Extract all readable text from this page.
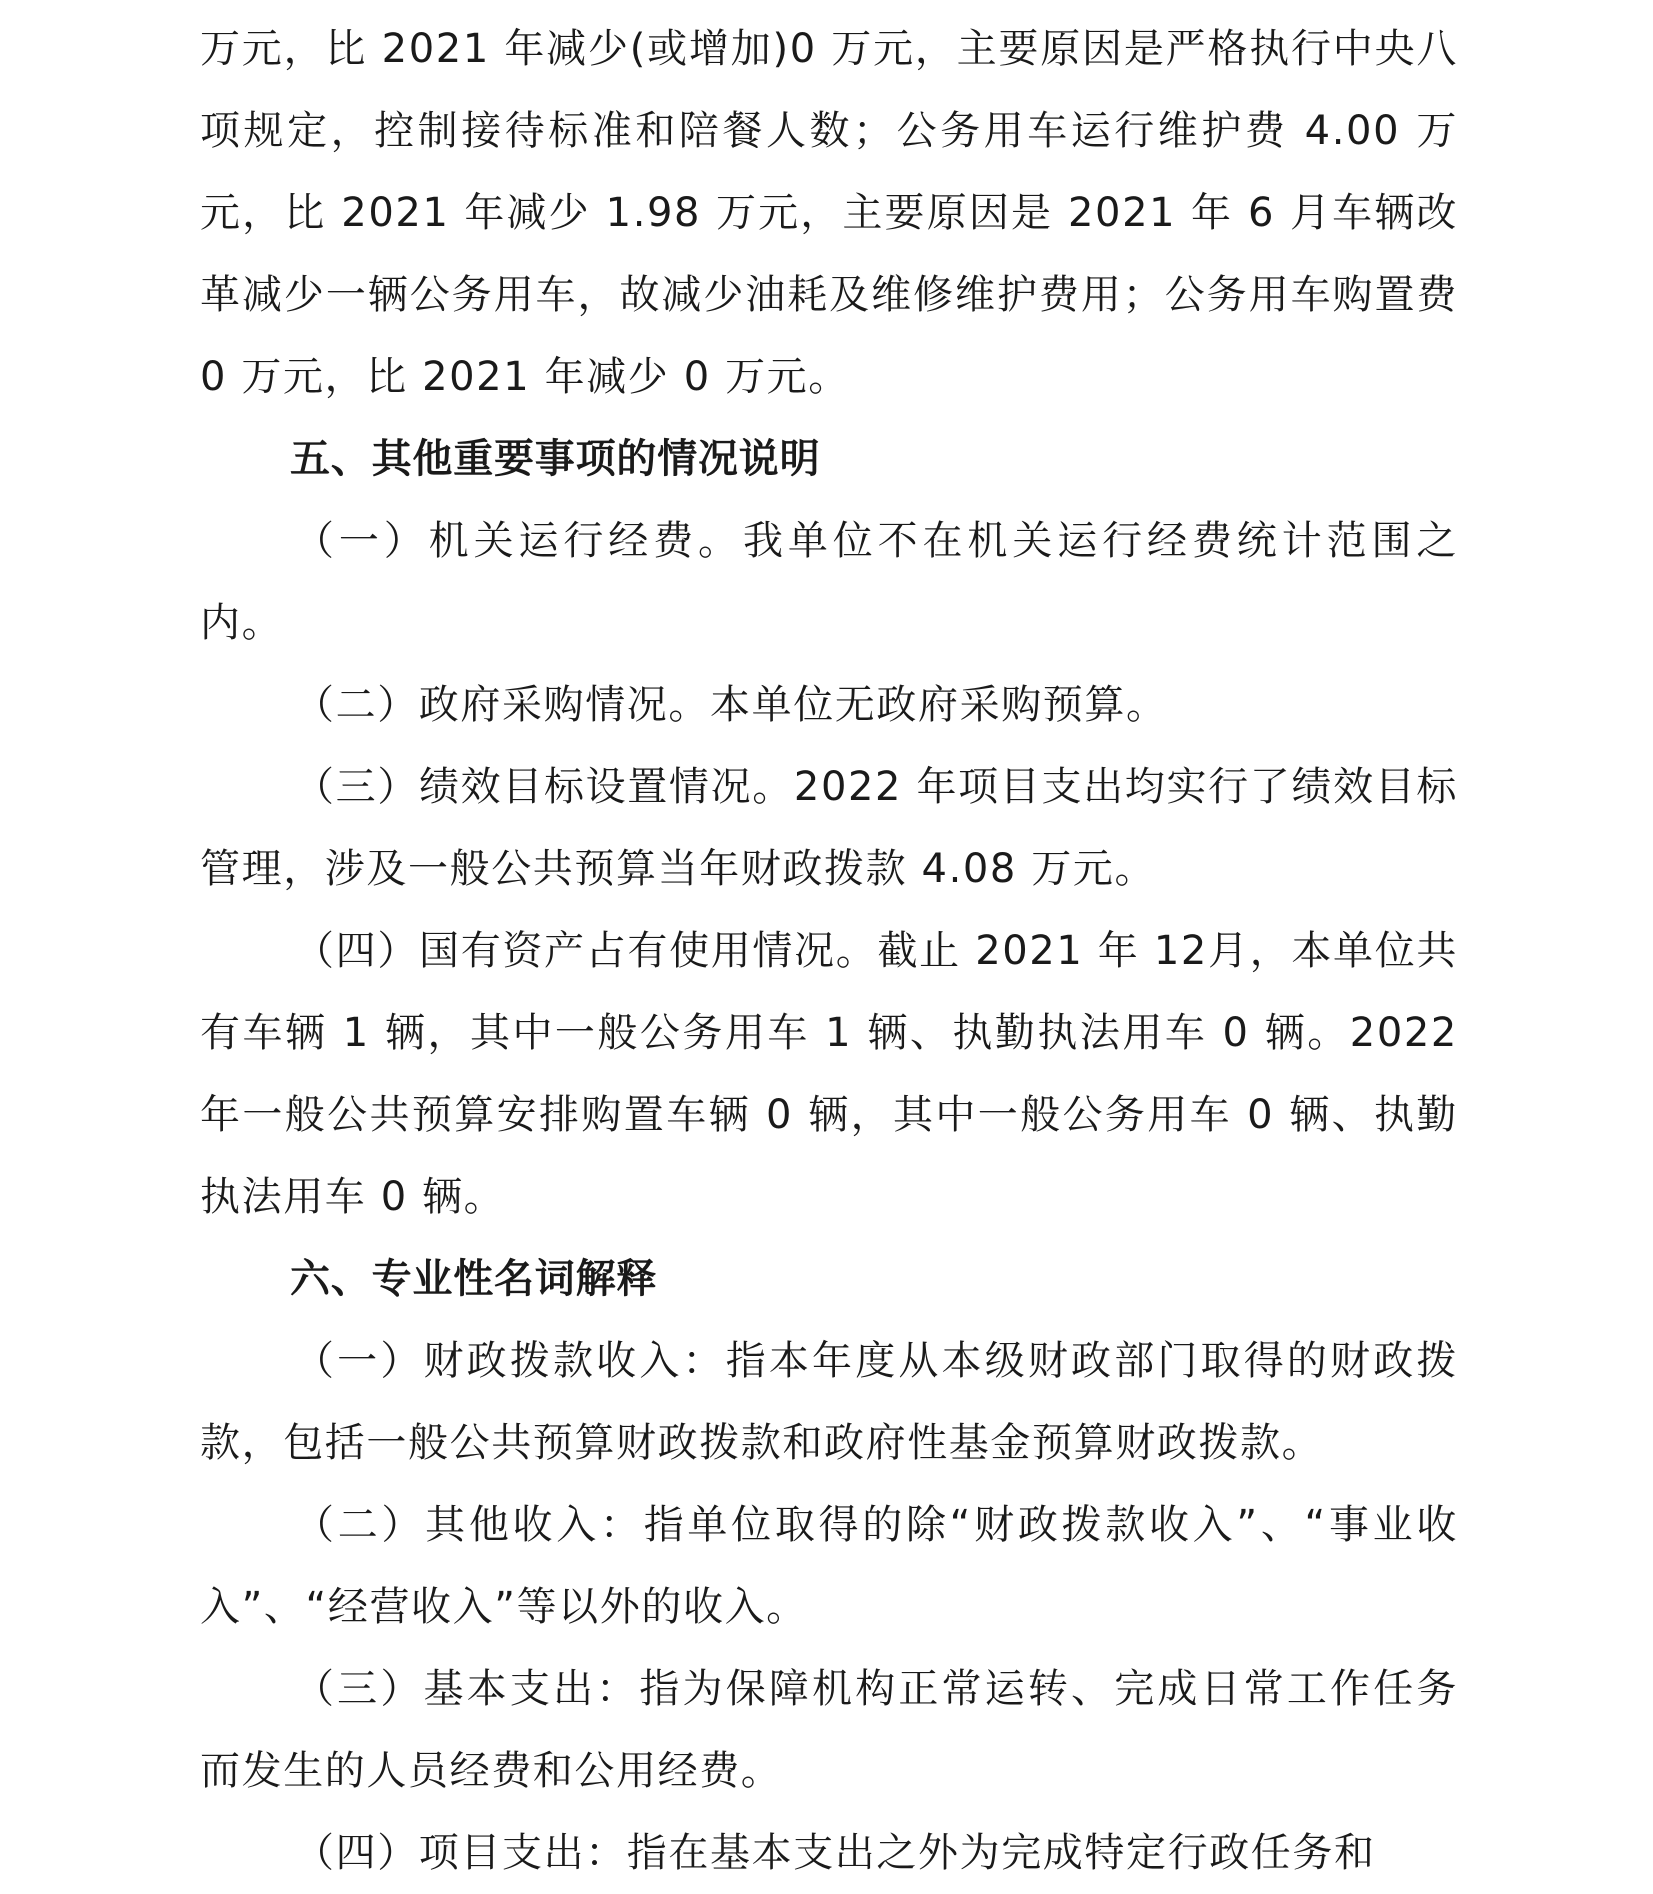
万元，比 2021 年减少(或增加)0 万元，主要原因是严格执行中央八项规定，控制接待标准和陪餐人数；公务用车运行维护费 4.00 万元，比 2021 年减少 1.98 万元，主要原因是 2021 年 6 月车辆改革减少一辆公务用车，故减少油耗及维修维护费用；公务用车购置费 0 万元，比 2021 年减少 0 万元。

五、其他重要事项的情况说明

（一）机关运行经费。我单位不在机关运行经费统计范围之内。

（二）政府采购情况。本单位无政府采购预算。

（三）绩效目标设置情况。2022 年项目支出均实行了绩效目标管理，涉及一般公共预算当年财政拨款 4.08 万元。

（四）国有资产占有使用情况。截止 2021 年 12月，本单位共有车辆 1 辆，其中一般公务用车 1 辆、执勤执法用车 0 辆。2022 年一般公共预算安排购置车辆 0 辆，其中一般公务用车 0 辆、执勤执法用车 0 辆。

六、专业性名词解释

（一）财政拨款收入：指本年度从本级财政部门取得的财政拨款，包括一般公共预算财政拨款和政府性基金预算财政拨款。

（二）其他收入：指单位取得的除“财政拨款收入”、“事业收入”、“经营收入”等以外的收入。

（三）基本支出：指为保障机构正常运转、完成日常工作任务而发生的人员经费和公用经费。

（四）项目支出：指在基本支出之外为完成特定行政任务和
